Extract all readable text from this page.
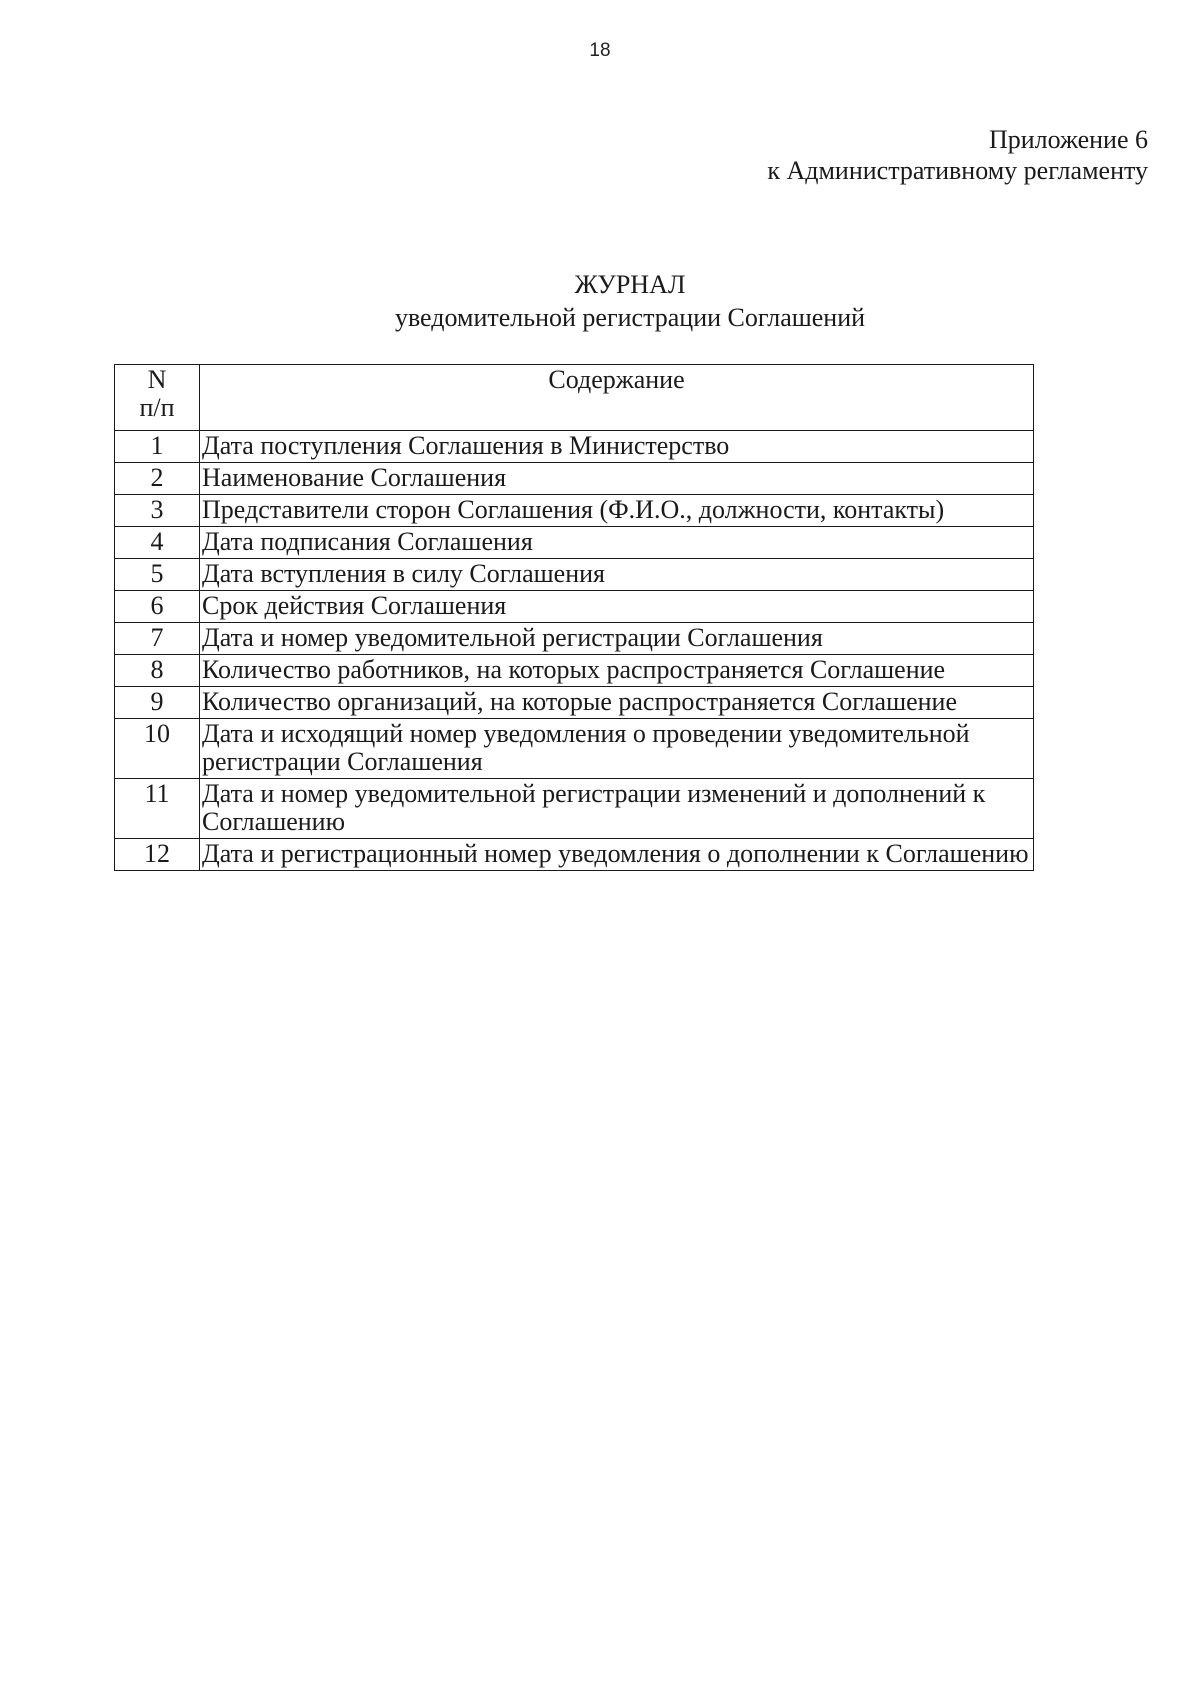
18
Приложение 6
к Административному регламенту
ЖУРНАЛ
уведомительной регистрации Соглашений
N
п/п	Содержание
1	Дата поступления Соглашения в Министерство
2	Наименование Соглашения
3	Представители сторон Соглашения (Ф.И.О., должности, контакты)
4	Дата подписания Соглашения
5	Дата вступления в силу Соглашения
6	Срок действия Соглашения
7	Дата и номер уведомительной регистрации Соглашения
8	Количество работников, на которых распространяется Соглашение
9	Количество организаций, на которые распространяется Соглашение
10	Дата и исходящий номер уведомления о проведении уведомительной регистрации Соглашения
11	Дата и номер уведомительной регистрации изменений и дополнений к Соглашению
12	Дата и регистрационный номер уведомления о дополнении к Соглашению
